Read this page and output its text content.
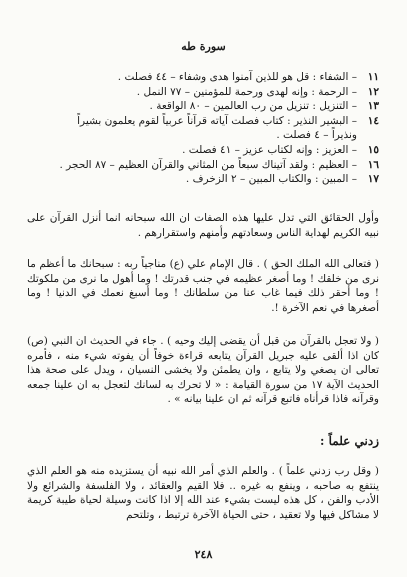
سورة طه
١١– الشفاء : قل هو للذين آمنوا هدى وشفاء – ٤٤ فصلت .
١٢– الرحمة : وإنه لهدى ورحمة للمؤمنين – ٧٧ النمل .
١٣– التنزيل : تنزيل من رب العالمين – ٨٠ الواقعة .
١٤– البشير النذير : كتاب فصلت آياته قرآناً عربياً لقوم يعلمون بشيراً
ونذيراً – ٤ فصلت .
١٥– العزيز : وإنه لكتاب عزيز – ٤١ فصلت .
١٦– العظيم : ولقد آتيناك سبعاً من المثاني والقرآن العظيم – ٨٧ الحجر .
١٧– المبين : والكتاب المبين – ٢ الزخرف .

وأول الحقائق التي تدل عليها هذه الصفات ان الله سبحانه انما أنزل القرآن على نبيه الكريم لهداية الناس وسعادتهم وأمنهم واستقرارهم .

( فتعالى الله الملك الحق ) . قال الإمام علي (ع) مناجياً ربه : سبحانك ما أعظم ما نرى من خلقك ! وما أصغر عظيمه في جنب قدرتك ! وما أهول ما نرى من ملكوتك ! وما أحقر ذلك فيما غاب عنا من سلطانك ! وما أسبغ نعمك في الدنيا ! وما أصغرها في نعم الآخرة !.

( ولا تعجل بالقرآن من قبل أن يقضى إليك وحيه ) . جاء في الحديث ان النبي (ص) كان اذا ألقى عليه جبريل القرآن يتابعه قراءة خوفاً أن يفوته شيء منه ، فأمره تعالى ان يصغي ولا يتابع ، وان يطمئن ولا يخشى النسيان ، ويدل على صحة هذا الحديث الآية ١٧ من سورة القيامة : « لا تحرك به لسانك لتعجل به ان علينا جمعه وقرآنه فاذا قرأناه فاتبع قرآنه ثم ان علينا بيانه » .

زدني علماً :

( وقل رب زدني علماً ) . والعلم الذي أمر الله نبيه أن يستزيده منه هو العلم الذي ينتفع به صاحبه ، وينفع به غيره .. فلا القيم والعقائد ، ولا الفلسفة والشرائع ولا الأدب والفن ، كل هذه ليست بشيء عند الله إلا اذا كانت وسيلة لحياة طيبة كريمة لا مشاكل فيها ولا تعقيد ، حتى الحياة الآخرة ترتبط ، وتلتحم

٢٤٨
